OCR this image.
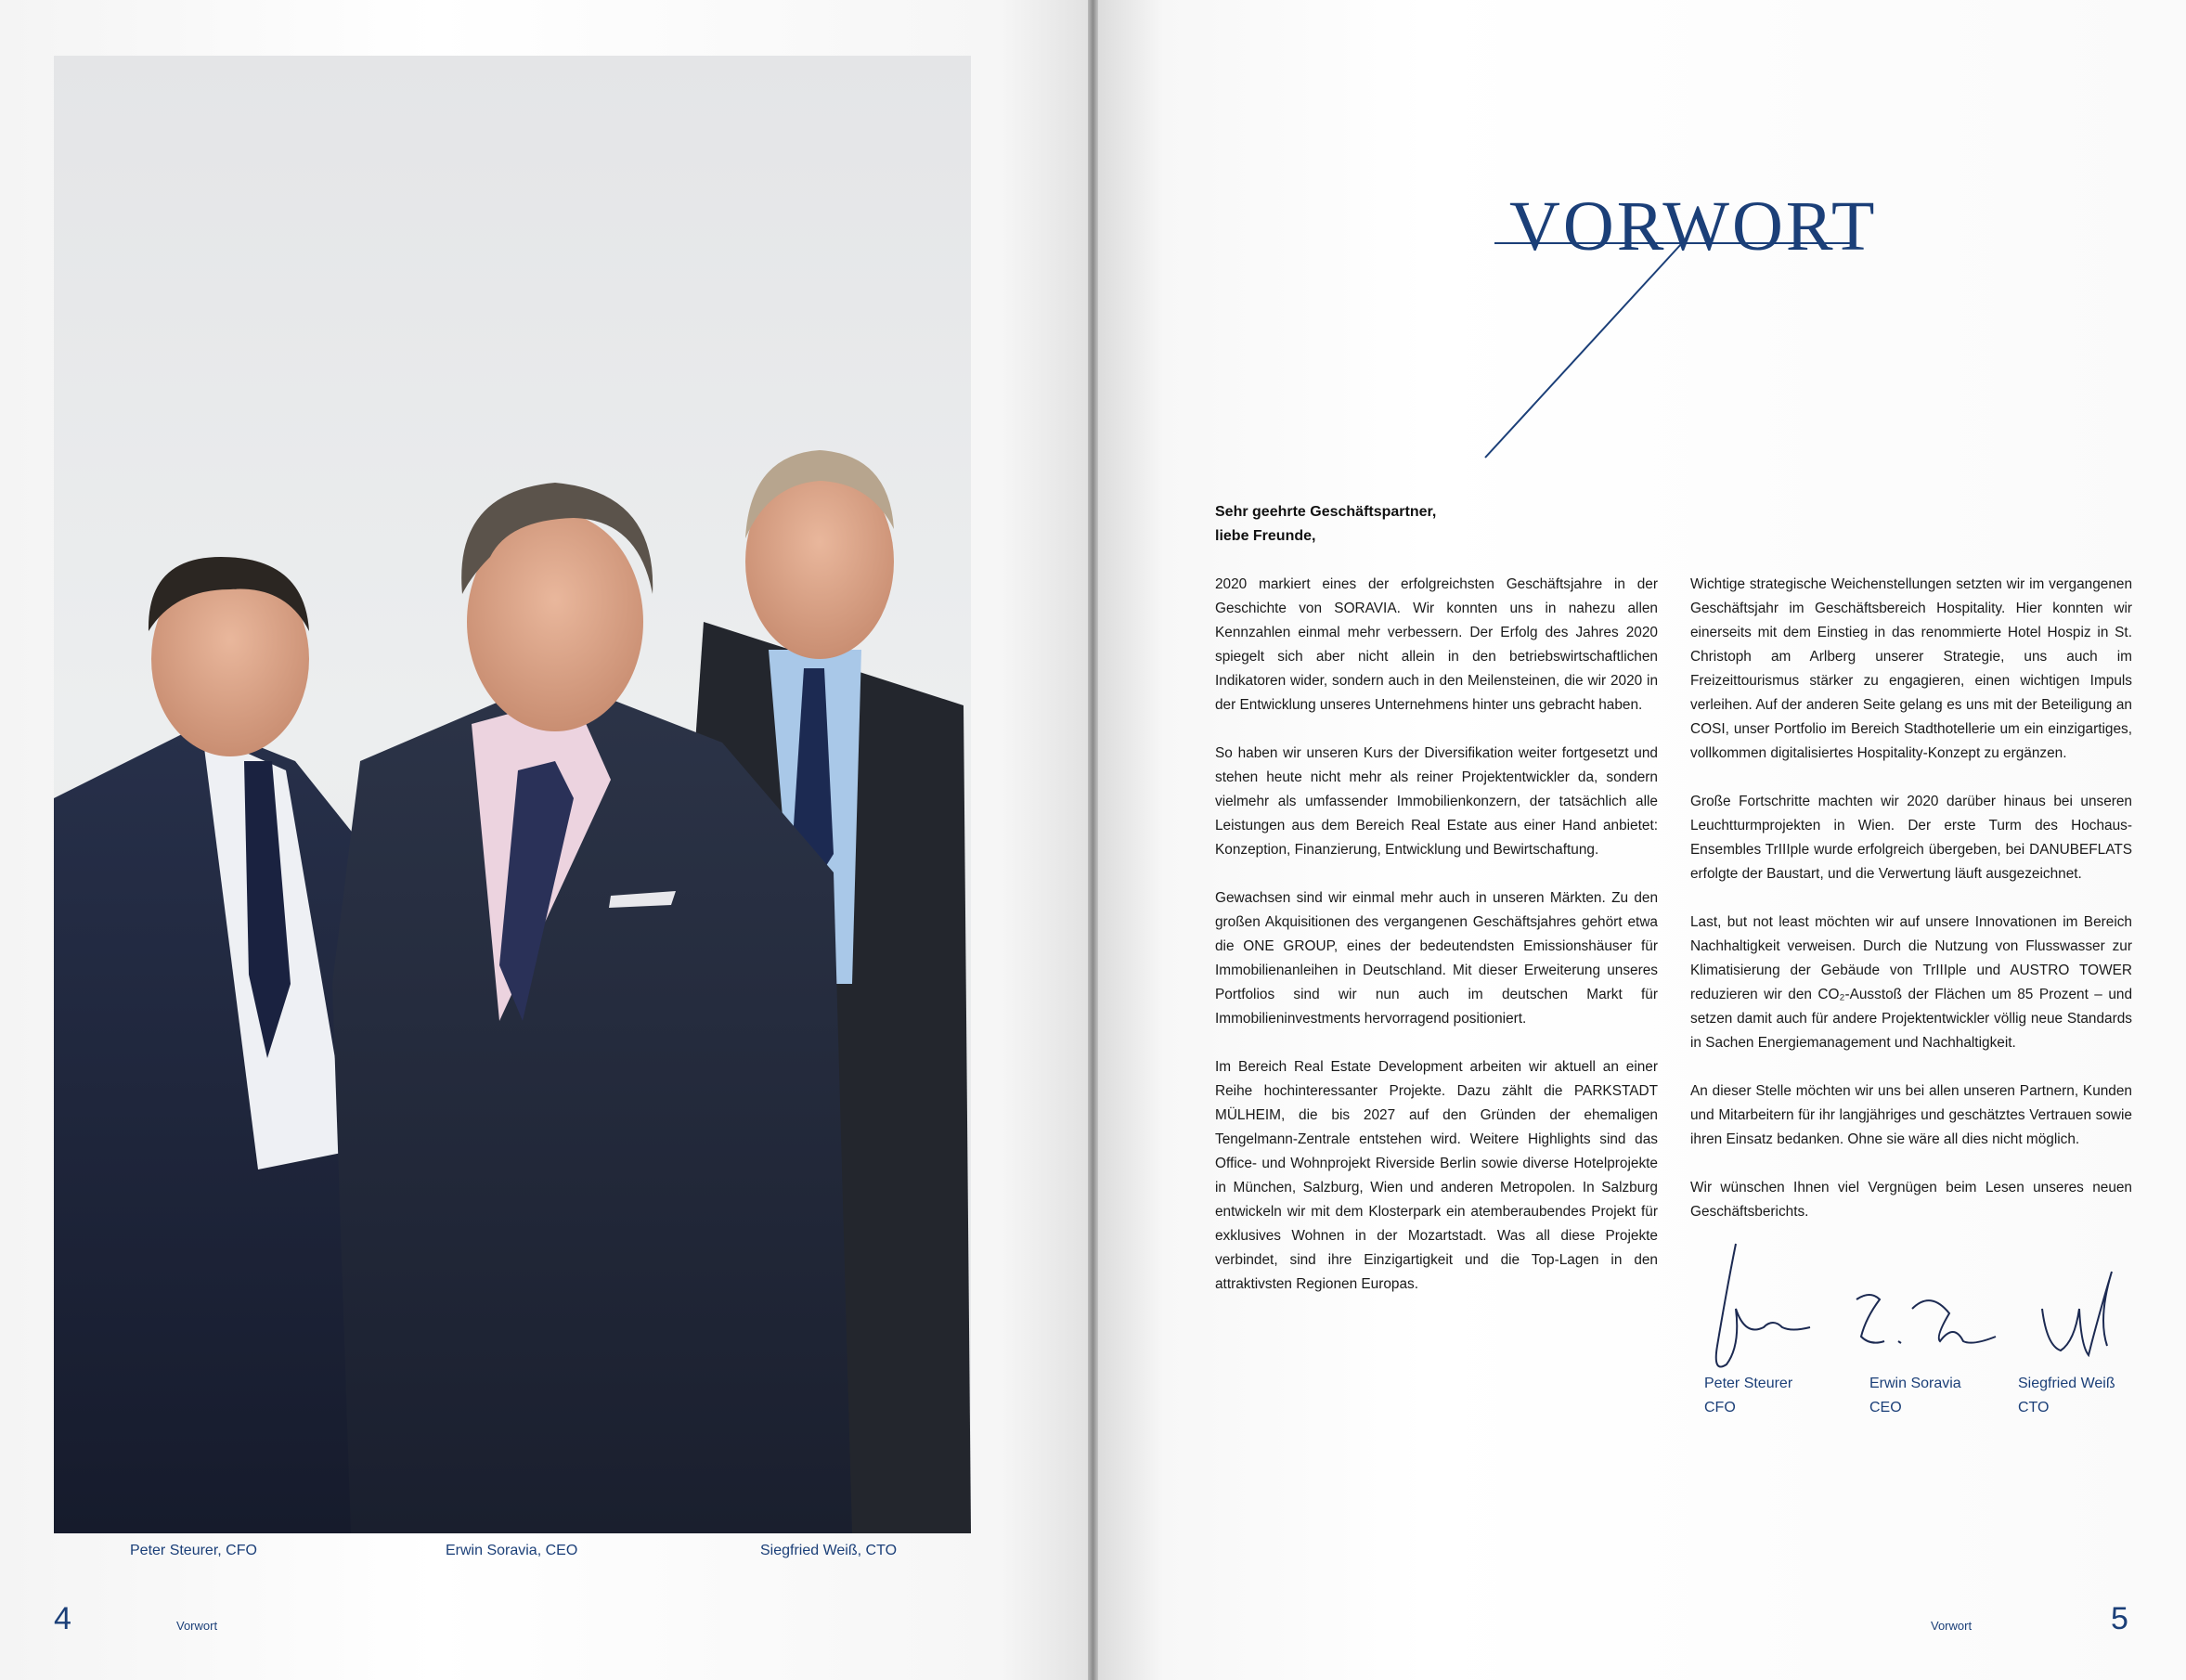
Peter Steurer, CFO	Erwin Soravia, CEO	Siegfried Weiß, CTO
4	Vorwort
VORWORT
Sehr geehrte Geschäftspartner,
liebe Freunde,

2020 markiert eines der erfolgreichsten Geschäftsjahre in der Geschichte von SORAVIA. Wir konnten uns in nahezu allen Kennzahlen einmal mehr verbessern. Der Erfolg des Jahres 2020 spiegelt sich aber nicht allein in den betriebswirtschaftlichen Indikatoren wider, sondern auch in den Meilensteinen, die wir 2020 in der Entwicklung unseres Unternehmens hinter uns gebracht haben.

So haben wir unseren Kurs der Diversifikation weiter fortgesetzt und stehen heute nicht mehr als reiner Projektentwickler da, sondern vielmehr als umfassender Immobilienkonzern, der tatsächlich alle Leistungen aus dem Bereich Real Estate aus einer Hand anbietet: Konzeption, Finanzierung, Entwicklung und Bewirtschaftung.

Gewachsen sind wir einmal mehr auch in unseren Märkten. Zu den großen Akquisitionen des vergangenen Geschäftsjahres gehört etwa die ONE GROUP, eines der bedeutendsten Emissionshäuser für Immobilienanleihen in Deutschland. Mit dieser Erweiterung unseres Portfolios sind wir nun auch im deutschen Markt für Immobilieninvestments hervorragend positioniert.

Im Bereich Real Estate Development arbeiten wir aktuell an einer Reihe hochinteressanter Projekte. Dazu zählt die PARKSTADT MÜLHEIM, die bis 2027 auf den Gründen der ehemaligen Tengelmann-Zentrale entstehen wird. Weitere Highlights sind das Office- und Wohnprojekt Riverside Berlin sowie diverse Hotelprojekte in München, Salzburg, Wien und anderen Metropolen. In Salzburg entwickeln wir mit dem Klosterpark ein atemberaubendes Projekt für exklusives Wohnen in der Mozartstadt. Was all diese Projekte verbindet, sind ihre Einzigartigkeit und die Top-Lagen in den attraktivsten Regionen Europas.

Wichtige strategische Weichenstellungen setzten wir im vergangenen Geschäftsjahr im Geschäftsbereich Hospitality. Hier konnten wir einerseits mit dem Einstieg in das renommierte Hotel Hospiz in St. Christoph am Arlberg unserer Strategie, uns auch im Freizeittourismus stärker zu engagieren, einen wichtigen Impuls verleihen. Auf der anderen Seite gelang es uns mit der Beteiligung an COSI, unser Portfolio im Bereich Stadthotellerie um ein einzigartiges, vollkommen digitalisiertes Hospitality-Konzept zu ergänzen.

Große Fortschritte machten wir 2020 darüber hinaus bei unseren Leuchtturmprojekten in Wien. Der erste Turm des Hochaus-Ensembles TrIIIple wurde erfolgreich übergeben, bei DANUBEFLATS erfolgte der Baustart, und die Verwertung läuft ausgezeichnet.

Last, but not least möchten wir auf unsere Innovationen im Bereich Nachhaltigkeit verweisen. Durch die Nutzung von Flusswasser zur Klimatisierung der Gebäude von TrIIIple und AUSTRO TOWER reduzieren wir den CO₂-Ausstoß der Flächen um 85 Prozent – und setzen damit auch für andere Projektentwickler völlig neue Standards in Sachen Energiemanagement und Nachhaltigkeit.

An dieser Stelle möchten wir uns bei allen unseren Partnern, Kunden und Mitarbeitern für ihr langjähriges und geschätztes Vertrauen sowie ihren Einsatz bedanken. Ohne sie wäre all dies nicht möglich.

Wir wünschen Ihnen viel Vergnügen beim Lesen unseres neuen Geschäftsberichts.

Peter Steurer
CFO
Erwin Soravia
CEO
Siegfried Weiß
CTO
Vorwort	5
